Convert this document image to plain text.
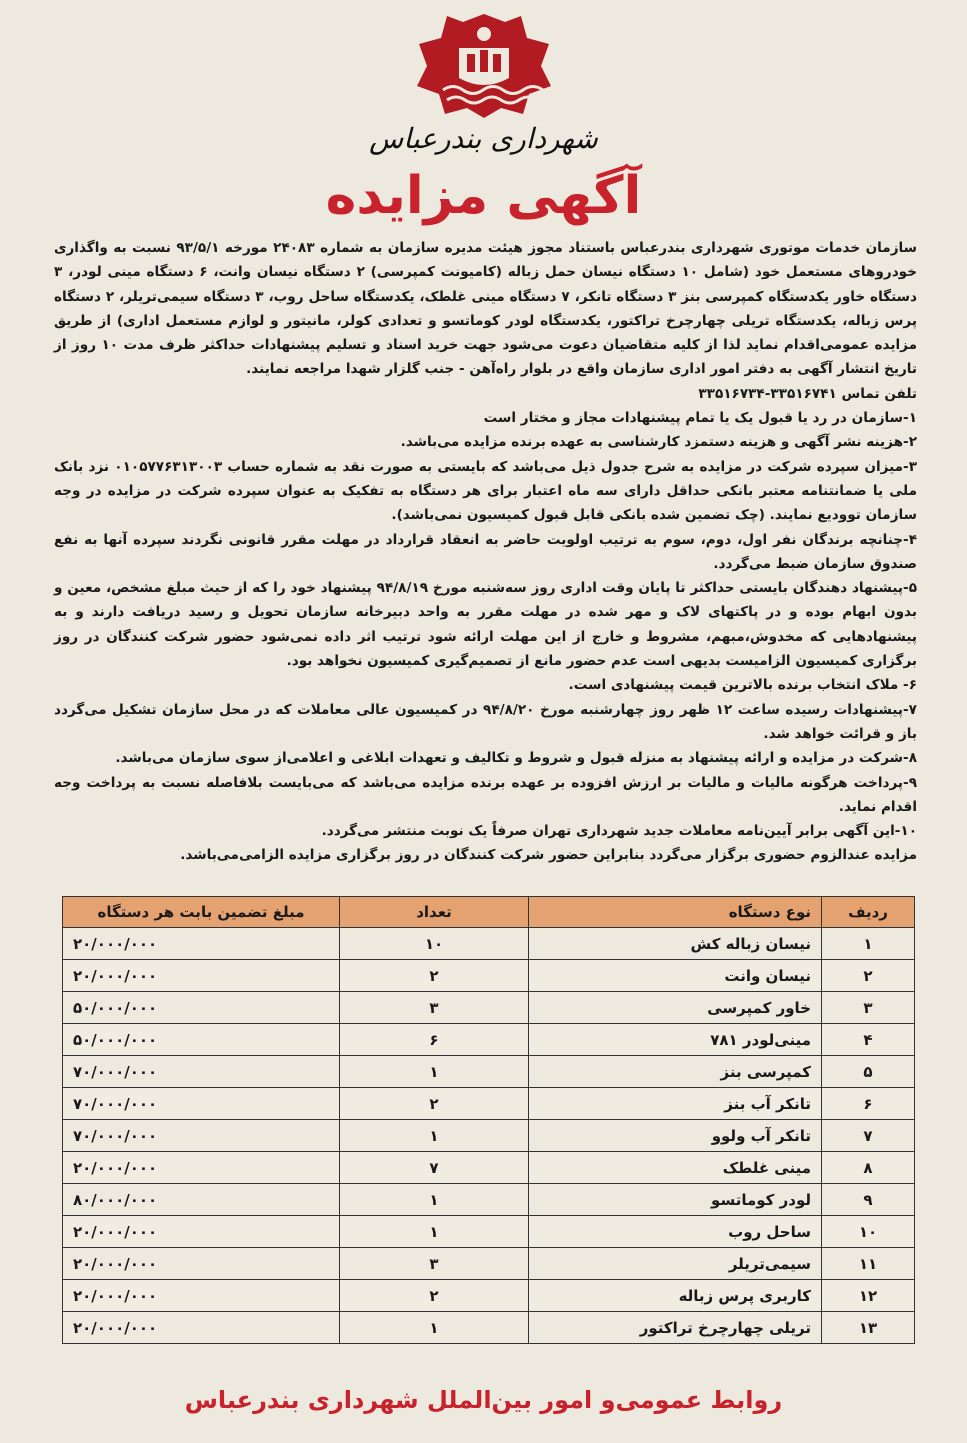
شهرداری بندرعباس
آگهی مزایده

سازمان خدمات موتوری شهرداری بندرعباس باستناد مجوز هیئت مدیره سازمان به شماره ۲۴۰۸۳ مورخه ۹۳/۵/۱ نسبت به واگذاری خودروهای مستعمل خود (شامل ۱۰ دستگاه نیسان حمل زباله (کامیونت کمپرسی) ۲ دستگاه نیسان وانت، ۶ دستگاه مینی لودر، ۳ دستگاه خاور یکدستگاه کمپرسی بنز ۳ دستگاه تانکر، ۷ دستگاه مینی غلطک، یکدستگاه ساحل روب، ۳ دستگاه سیمی‌تریلر، ۲ دستگاه پرس زباله، یکدستگاه تریلی چهارچرخ تراکتور، یکدستگاه لودر کوماتسو و تعدادی کولر، مانیتور و لوازم مستعمل اداری) از طریق مزایده عمومی‌اقدام نماید لذا از کلیه متقاضیان دعوت می‌شود جهت خرید اسناد و تسلیم پیشنهادات حداکثر ظرف مدت ۱۰ روز از تاریخ انتشار آگهی به دفتر امور اداری سازمان واقع در بلوار راه‌آهن - جنب گلزار شهدا مراجعه نمایند.

تلفن تماس ۳۳۵۱۶۷۴۱-۳۳۵۱۶۷۳۴

۱-سازمان در رد یا قبول یک یا تمام پیشنهادات مجاز و مختار است

۲-هزینه نشر آگهی و هزینه دستمزد کارشناسی به عهده برنده مزایده می‌باشد.

۳-میزان سپرده شرکت در مزایده به شرح جدول ذیل می‌باشد که بایستی به صورت نقد به شماره حساب ۰۱۰۵۷۷۶۳۱۳۰۰۳ نزد بانک ملی یا ضمانتنامه معتبر بانکی حداقل دارای سه ماه اعتبار برای هر دستگاه به تفکیک به عنوان سپرده شرکت در مزایده در وجه سازمان توودیع نمایند. (چک تضمین شده بانکی قابل قبول کمیسیون نمی‌باشد).

۴-چنانچه برندگان نفر اول، دوم، سوم به ترتیب اولویت حاضر به انعقاد قرارداد در مهلت مقرر قانونی نگردند سپرده آنها به نفع صندوق سازمان ضبط می‌گردد.

۵-پیشنهاد دهندگان بایستی حداکثر تا پایان وقت اداری روز سه‌شنبه مورخ ۹۴/۸/۱۹ پیشنهاد خود را که از حیث مبلغ مشخص، معین و بدون ابهام بوده و در پاکتهای لاک و مهر شده در مهلت مقرر به واحد دبیرخانه سازمان تحویل و رسید دریافت دارند و به پیشنهادهایی که مخدوش،مبهم، مشروط و خارج از این مهلت ارائه شود ترتیب اثر داده نمی‌شود حضور شرکت کنندگان در روز برگزاری کمیسیون الزامیست بدیهی است عدم حضور مانع از تصمیم‌گیری کمیسیون نخواهد بود.

۶- ملاک انتخاب برنده بالاترین قیمت پیشنهادی است.

۷-پیشنهادات رسیده ساعت ۱۲ ظهر روز چهارشنبه مورخ ۹۴/۸/۲۰ در کمیسیون عالی معاملات که در محل سازمان تشکیل می‌گردد باز و قرائت خواهد شد.

۸-شرکت در مزایده و ارائه پیشنهاد به منزله قبول و شروط و تکالیف و تعهدات ابلاغی و اعلامی‌از سوی سازمان می‌باشد.

۹-پرداخت هرگونه مالیات و مالیات بر ارزش افزوده بر عهده برنده مزایده می‌باشد که می‌بایست بلافاصله نسبت به پرداخت وجه اقدام نماید.

۱۰-این آگهی برابر آیین‌نامه معاملات جدید شهرداری تهران صرفاً یک نوبت منتشر می‌گردد.

مزایده عندالزوم حضوری برگزار می‌گردد بنابراین حضور شرکت کنندگان در روز برگزاری مزایده الزامی‌می‌باشد.

ردیف	نوع دستگاه	تعداد	مبلغ تضمین بابت هر دستگاه
۱	نیسان زباله کش	۱۰	۲۰/۰۰۰/۰۰۰
۲	نیسان وانت	۲	۲۰/۰۰۰/۰۰۰
۳	خاور کمپرسی	۳	۵۰/۰۰۰/۰۰۰
۴	مینی‌لودر ۷۸۱	۶	۵۰/۰۰۰/۰۰۰
۵	کمپرسی بنز	۱	۷۰/۰۰۰/۰۰۰
۶	تانکر آب بنز	۲	۷۰/۰۰۰/۰۰۰
۷	تانکر آب ولوو	۱	۷۰/۰۰۰/۰۰۰
۸	مینی غلطک	۷	۲۰/۰۰۰/۰۰۰
۹	لودر کوماتسو	۱	۸۰/۰۰۰/۰۰۰
۱۰	ساحل روب	۱	۲۰/۰۰۰/۰۰۰
۱۱	سیمی‌تریلر	۳	۲۰/۰۰۰/۰۰۰
۱۲	کاربری پرس زباله	۲	۲۰/۰۰۰/۰۰۰
۱۳	تریلی چهارچرخ تراکتور	۱	۲۰/۰۰۰/۰۰۰
روابط عمومی‌و امور بین‌الملل شهرداری بندرعباس
